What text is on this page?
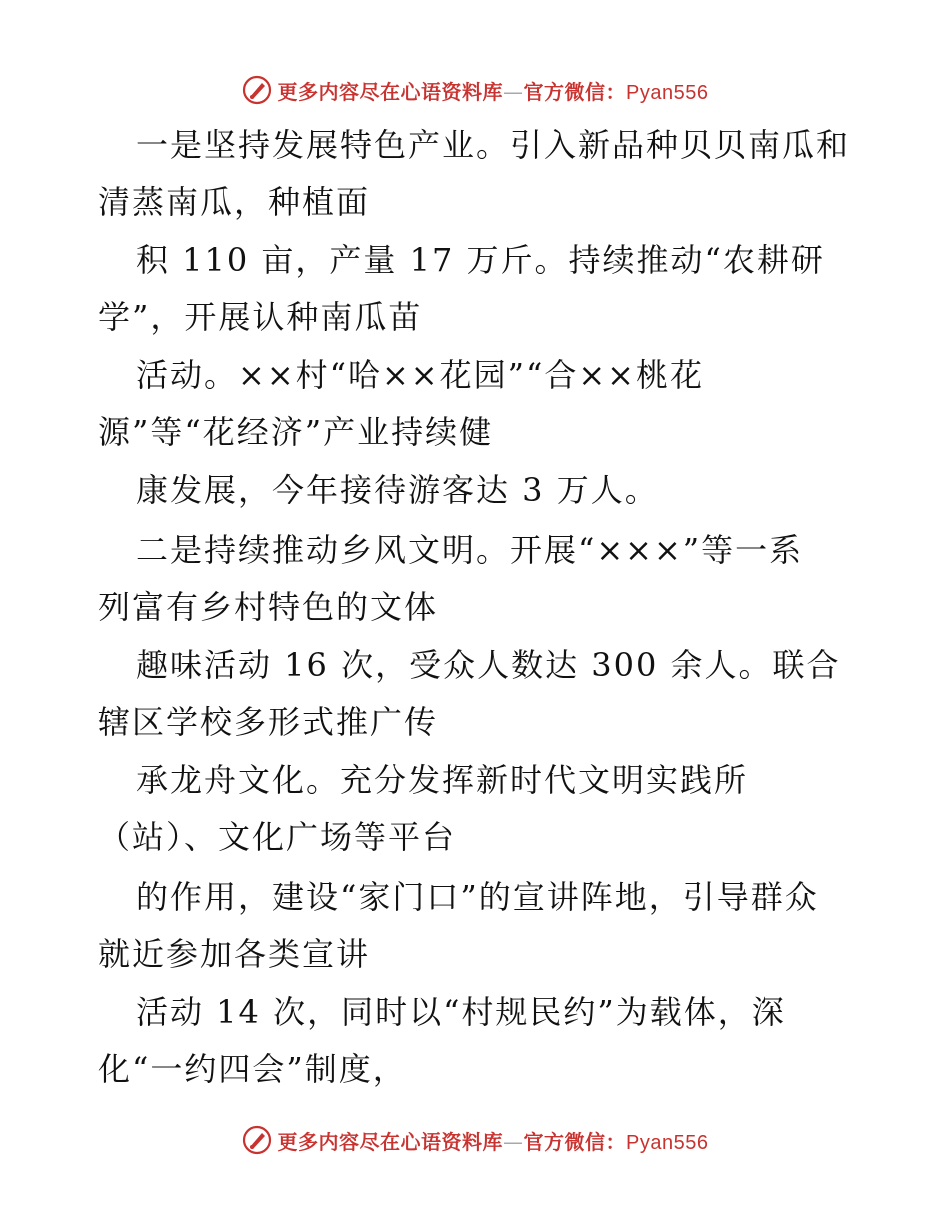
更多内容尽在心语资料库—官方微信：Pyan556
一是坚持发展特色产业。引入新品种贝贝南瓜和
清蒸南瓜，种植面
积 110 亩，产量 17 万斤。持续推动“农耕研
学”，开展认种南瓜苗
活动。××村“哈××花园”“合××桃花
源”等“花经济”产业持续健
康发展，今年接待游客达 3 万人。
二是持续推动乡风文明。开展“×××”等一系
列富有乡村特色的文体
趣味活动 16 次，受众人数达 300 余人。联合
辖区学校多形式推广传
承龙舟文化。充分发挥新时代文明实践所
（站）、文化广场等平台
的作用，建设“家门口”的宣讲阵地，引导群众
就近参加各类宣讲
活动 14 次，同时以“村规民约”为载体，深
化“一约四会”制度，
更多内容尽在心语资料库—官方微信：Pyan556
